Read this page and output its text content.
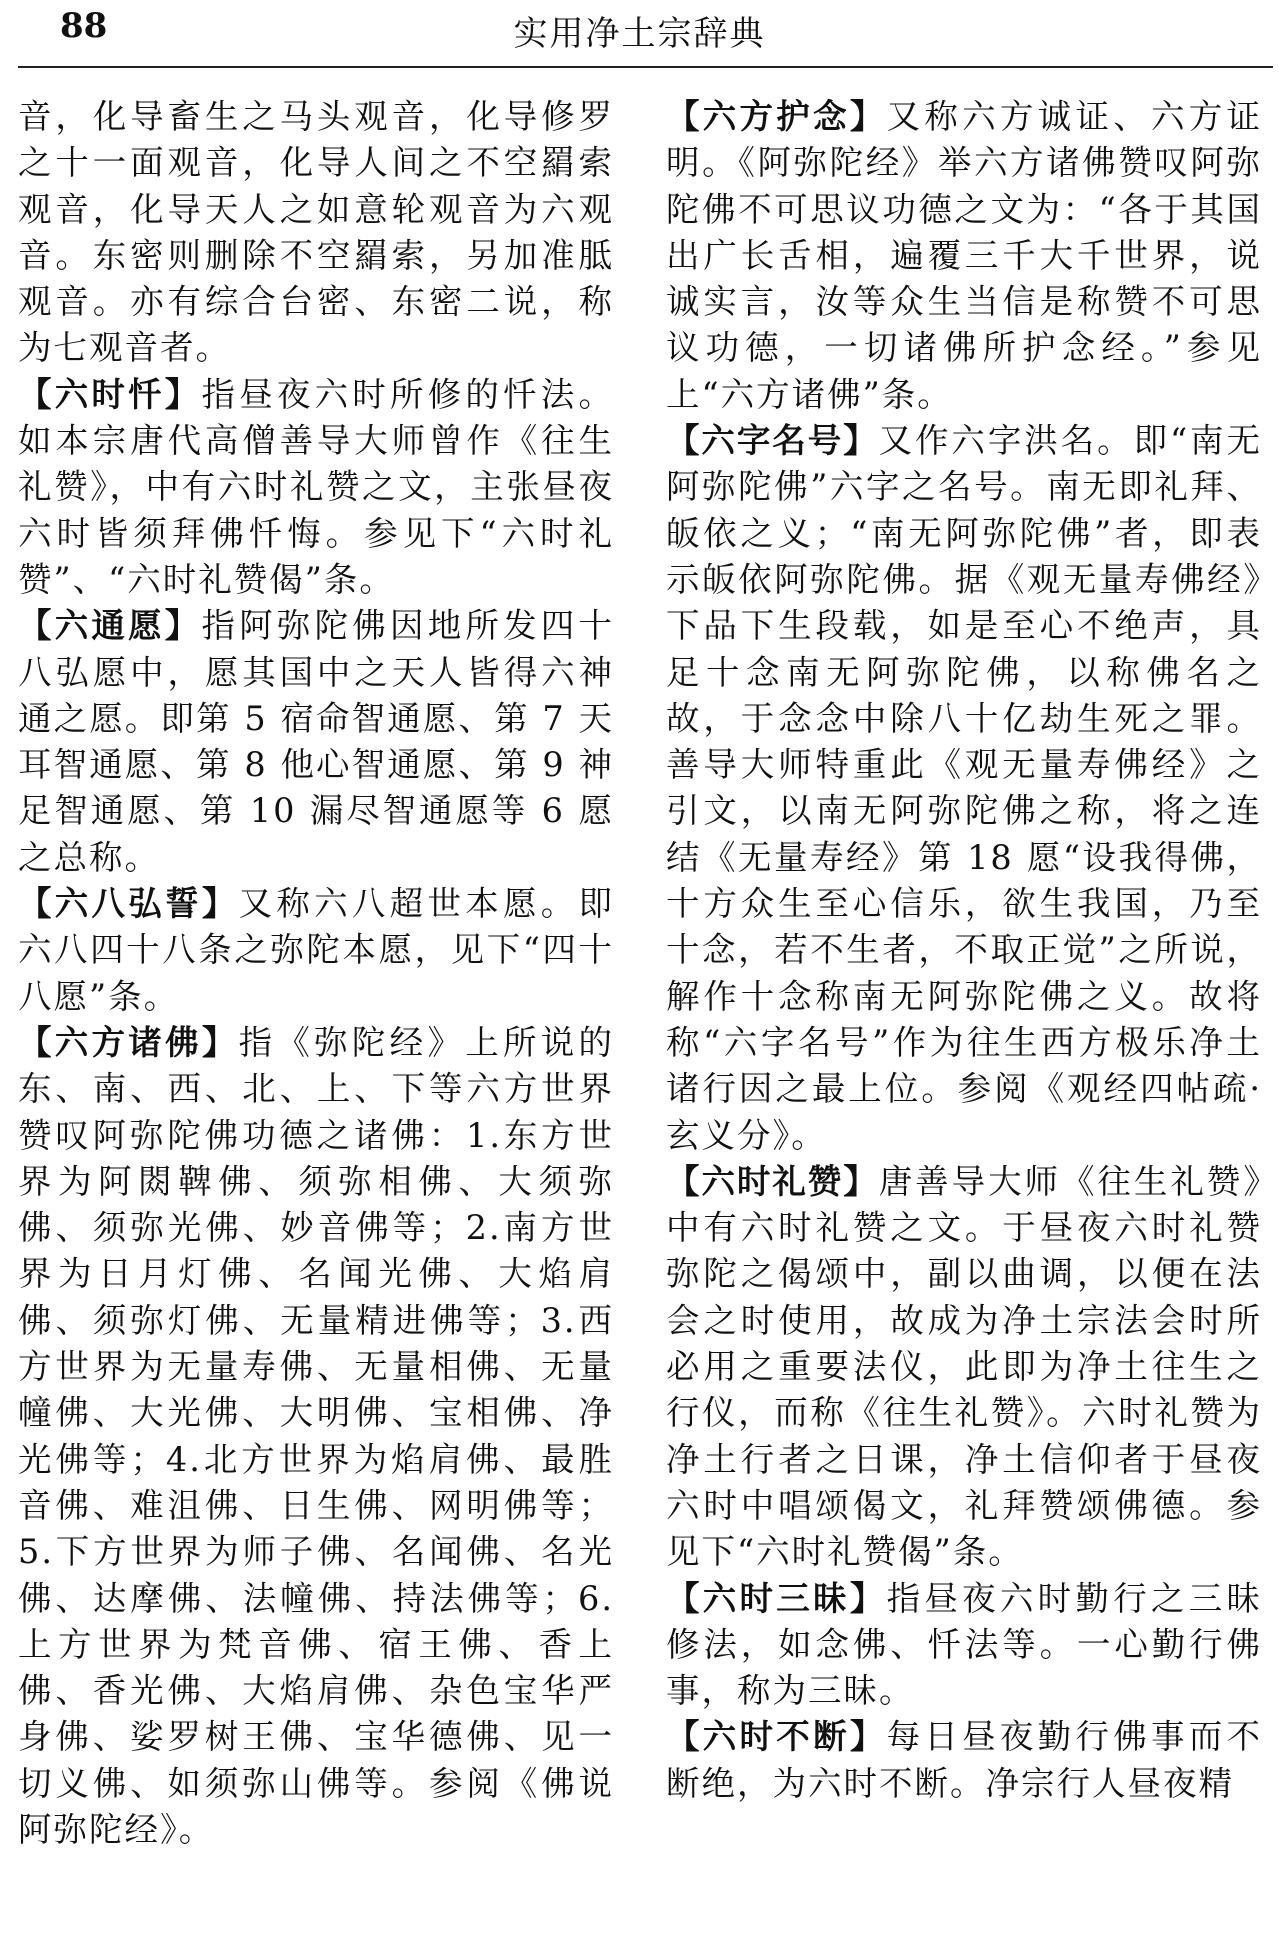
88	实用净土宗辞典

音，化导畜生之马头观音，化导修罗之十一面观音，化导人间之不空羂索观音，化导天人之如意轮观音为六观音。东密则删除不空羂索，另加准胝观音。亦有综合台密、东密二说，称为七观音者。

【六时忏】指昼夜六时所修的忏法。如本宗唐代高僧善导大师曾作《往生礼赞》，中有六时礼赞之文，主张昼夜六时皆须拜佛忏悔。参见下“六时礼赞”、“六时礼赞偈”条。

【六通愿】指阿弥陀佛因地所发四十八弘愿中，愿其国中之天人皆得六神通之愿。即第 5 宿命智通愿、第 7 天耳智通愿、第 8 他心智通愿、第 9 神足智通愿、第 10 漏尽智通愿等 6 愿之总称。

【六八弘誓】又称六八超世本愿。即六八四十八条之弥陀本愿，见下“四十八愿”条。

【六方诸佛】指《弥陀经》上所说的东、南、西、北、上、下等六方世界赞叹阿弥陀佛功德之诸佛：1.东方世界为阿閦鞞佛、须弥相佛、大须弥佛、须弥光佛、妙音佛等；2.南方世界为日月灯佛、名闻光佛、大焰肩佛、须弥灯佛、无量精进佛等；3.西方世界为无量寿佛、无量相佛、无量幢佛、大光佛、大明佛、宝相佛、净光佛等；4.北方世界为焰肩佛、最胜音佛、难沮佛、日生佛、网明佛等；5.下方世界为师子佛、名闻佛、名光佛、达摩佛、法幢佛、持法佛等；6.上方世界为梵音佛、宿王佛、香上佛、香光佛、大焰肩佛、杂色宝华严身佛、娑罗树王佛、宝华德佛、见一切义佛、如须弥山佛等。参阅《佛说阿弥陀经》。

【六方护念】又称六方诚证、六方证明。《阿弥陀经》举六方诸佛赞叹阿弥陀佛不可思议功德之文为：“各于其国出广长舌相，遍覆三千大千世界，说诚实言，汝等众生当信是称赞不可思议功德，一切诸佛所护念经。”参见上“六方诸佛”条。

【六字名号】又作六字洪名。即“南无阿弥陀佛”六字之名号。南无即礼拜、皈依之义；“南无阿弥陀佛”者，即表示皈依阿弥陀佛。据《观无量寿佛经》下品下生段载，如是至心不绝声，具足十念南无阿弥陀佛，以称佛名之故，于念念中除八十亿劫生死之罪。善导大师特重此《观无量寿佛经》之引文，以南无阿弥陀佛之称，将之连结《无量寿经》第 18 愿“设我得佛，十方众生至心信乐，欲生我国，乃至十念，若不生者，不取正觉”之所说，解作十念称南无阿弥陀佛之义。故将称“六字名号”作为往生西方极乐净土诸行因之最上位。参阅《观经四帖疏·玄义分》。

【六时礼赞】唐善导大师《往生礼赞》中有六时礼赞之文。于昼夜六时礼赞弥陀之偈颂中，副以曲调，以便在法会之时使用，故成为净土宗法会时所必用之重要法仪，此即为净土往生之行仪，而称《往生礼赞》。六时礼赞为净土行者之日课，净土信仰者于昼夜六时中唱颂偈文，礼拜赞颂佛德。参见下“六时礼赞偈”条。

【六时三昧】指昼夜六时勤行之三昧修法，如念佛、忏法等。一心勤行佛事，称为三昧。

【六时不断】每日昼夜勤行佛事而不断绝，为六时不断。净宗行人昼夜精
